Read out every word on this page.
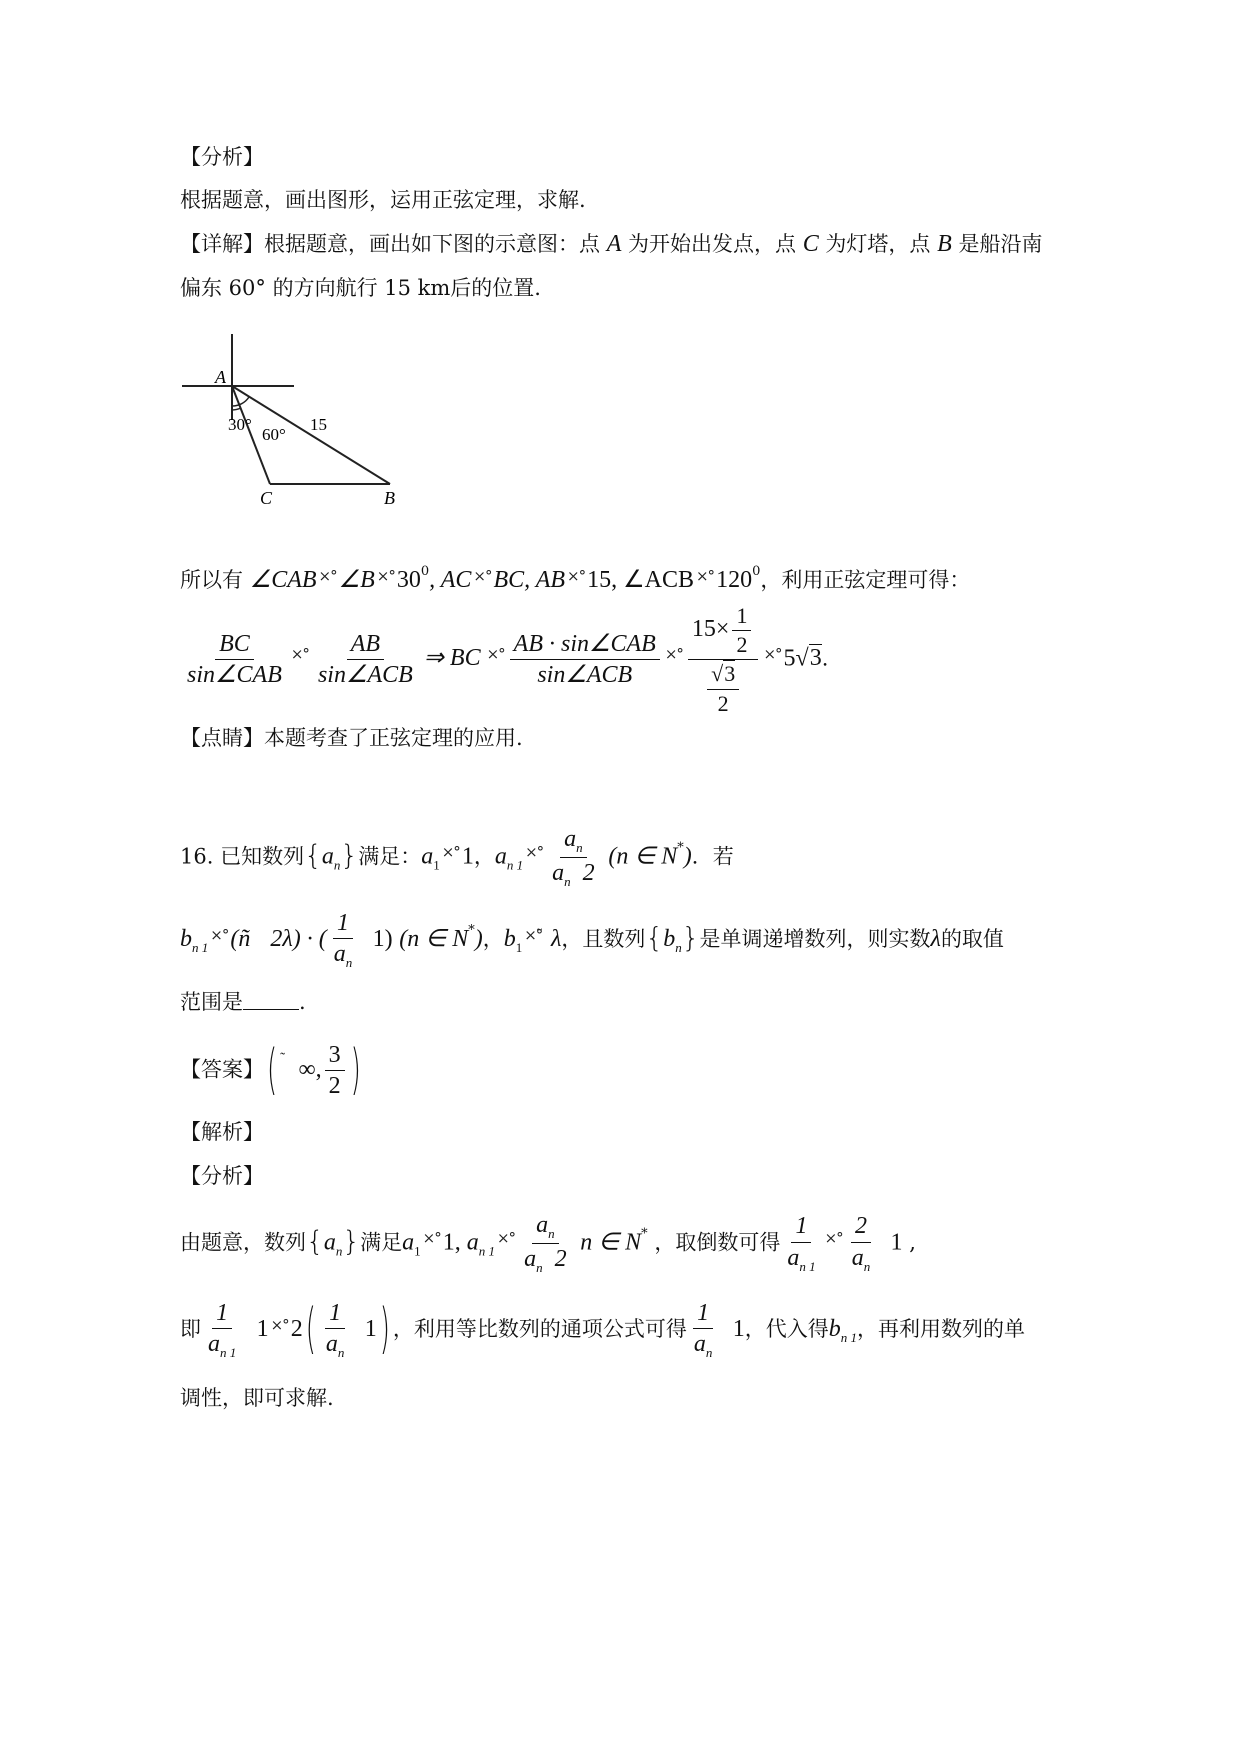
【分析】
根据题意，画出图形，运用正弦定理，求解.
【详解】根据题意，画出如下图的示意图：点 A 为开始出发点，点 C 为灯塔，点 B 是船沿南
偏东 60° 的方向航行 15 km后的位置.
A
30°
60°
15
C	B
所以有 ∠CAB ×°∠B $^{\times^\circ}30^0$, AC ×°BC, AB ×°15, ∠ACB $^{\times^\circ}120^0$，利用正弦定理可得：
$\frac{BC}{\text{sin∠CAB}} ^{\times^\circ} \frac{AB}{\text{sin∠ACB}}$ ⇒ BC $^{\times^\circ} \frac{\text{AB · sin∠CAB}}{\text{sin∠ACB}} ^{\times^\circ} \frac{15\times \frac{1}{2}}{\frac{√3}{2}} ^{\times^\circ}5√3$.
【点睛】本题考查了正弦定理的应用.
16. 已知数列$\{a_n\}$满足：$a_1^{\times^\circ}1$，$a_{n 1}^{\times^\circ} \frac{a_n}{a_n 2} (n$ ∈ N*)．若
$b_{n 1}^{\times^\circ}(ñ$ 2λ) · ( $\frac{1}{a_n} 1$) (n ∈ N*)，$b_1^{\times^\circ̃}$ λ，且数列$\{b_n\}$是单调递增数列，则实数λ的取值
范围是	.
【答案】 ( ˜ ∞, $\frac{3}{2}$ )
【解析】
【分析】
由题意，数列$\{a_n\}$满足$a_1^{\times^\circ}1$, $a_{n 1}^{\times^\circ} \frac{a_n}{a_n 2}$ n ∈ N* ，取倒数可得 $\frac{1}{a_{n 1}} ^{\times^\circ} \frac{2}{a_n} 1$ ,
即 $\frac{1}{a_{n 1}} 1$ ×°2 ( $\frac{1}{a_n} 1$ ) ，利用等比数列的通项公式可得 $\frac{1}{a_n} 1$，代入得$b_{n 1}$，再利用数列的单
调性，即可求解.
